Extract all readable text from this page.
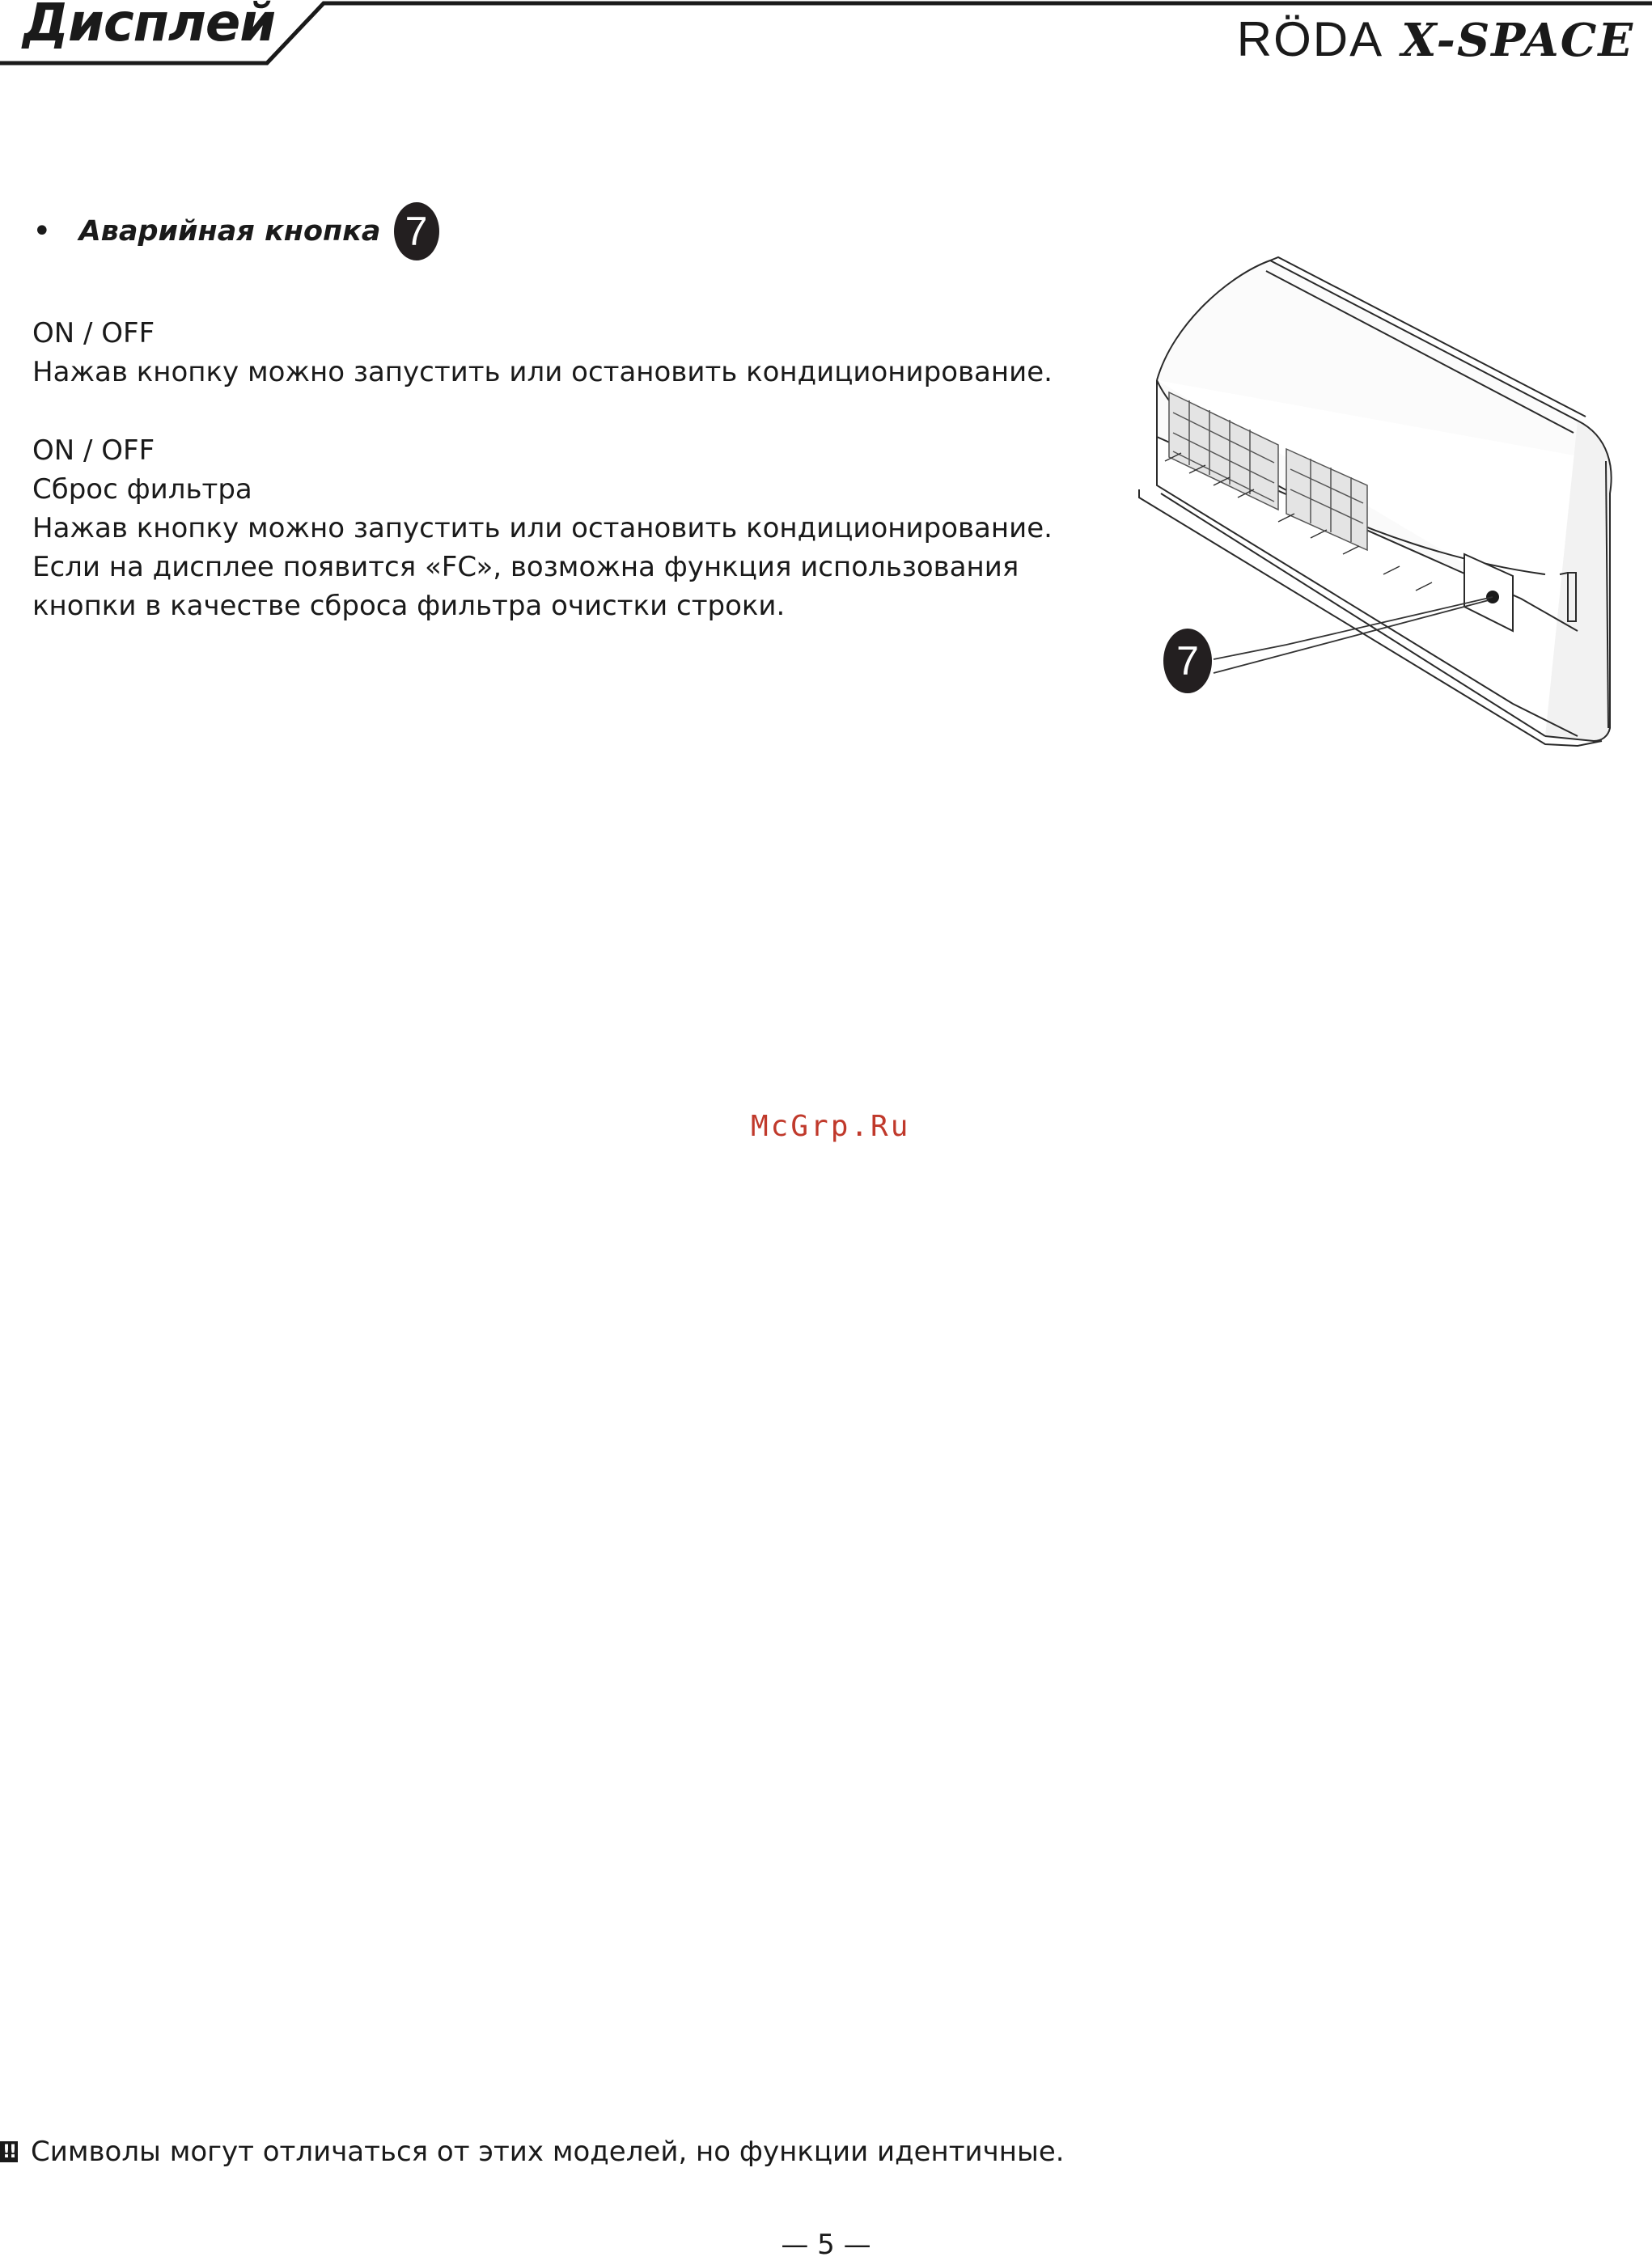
Дисплей	RÖDA X-SPACE
• Аварийная кнопка 7

ON / OFF

Нажав кнопку можно запустить или остановить кондиционирование.

ON / OFF

Сброс фильтра

Нажав кнопку можно запустить или остановить кондиционирование.

Если на дисплее появится «FC», возможна функция использования

кнопки в качестве сброса фильтра очистки строки.

7
McGrp.Ru
!! Символы могут отличаться от этих моделей, но функции идентичные.
— 5 —
